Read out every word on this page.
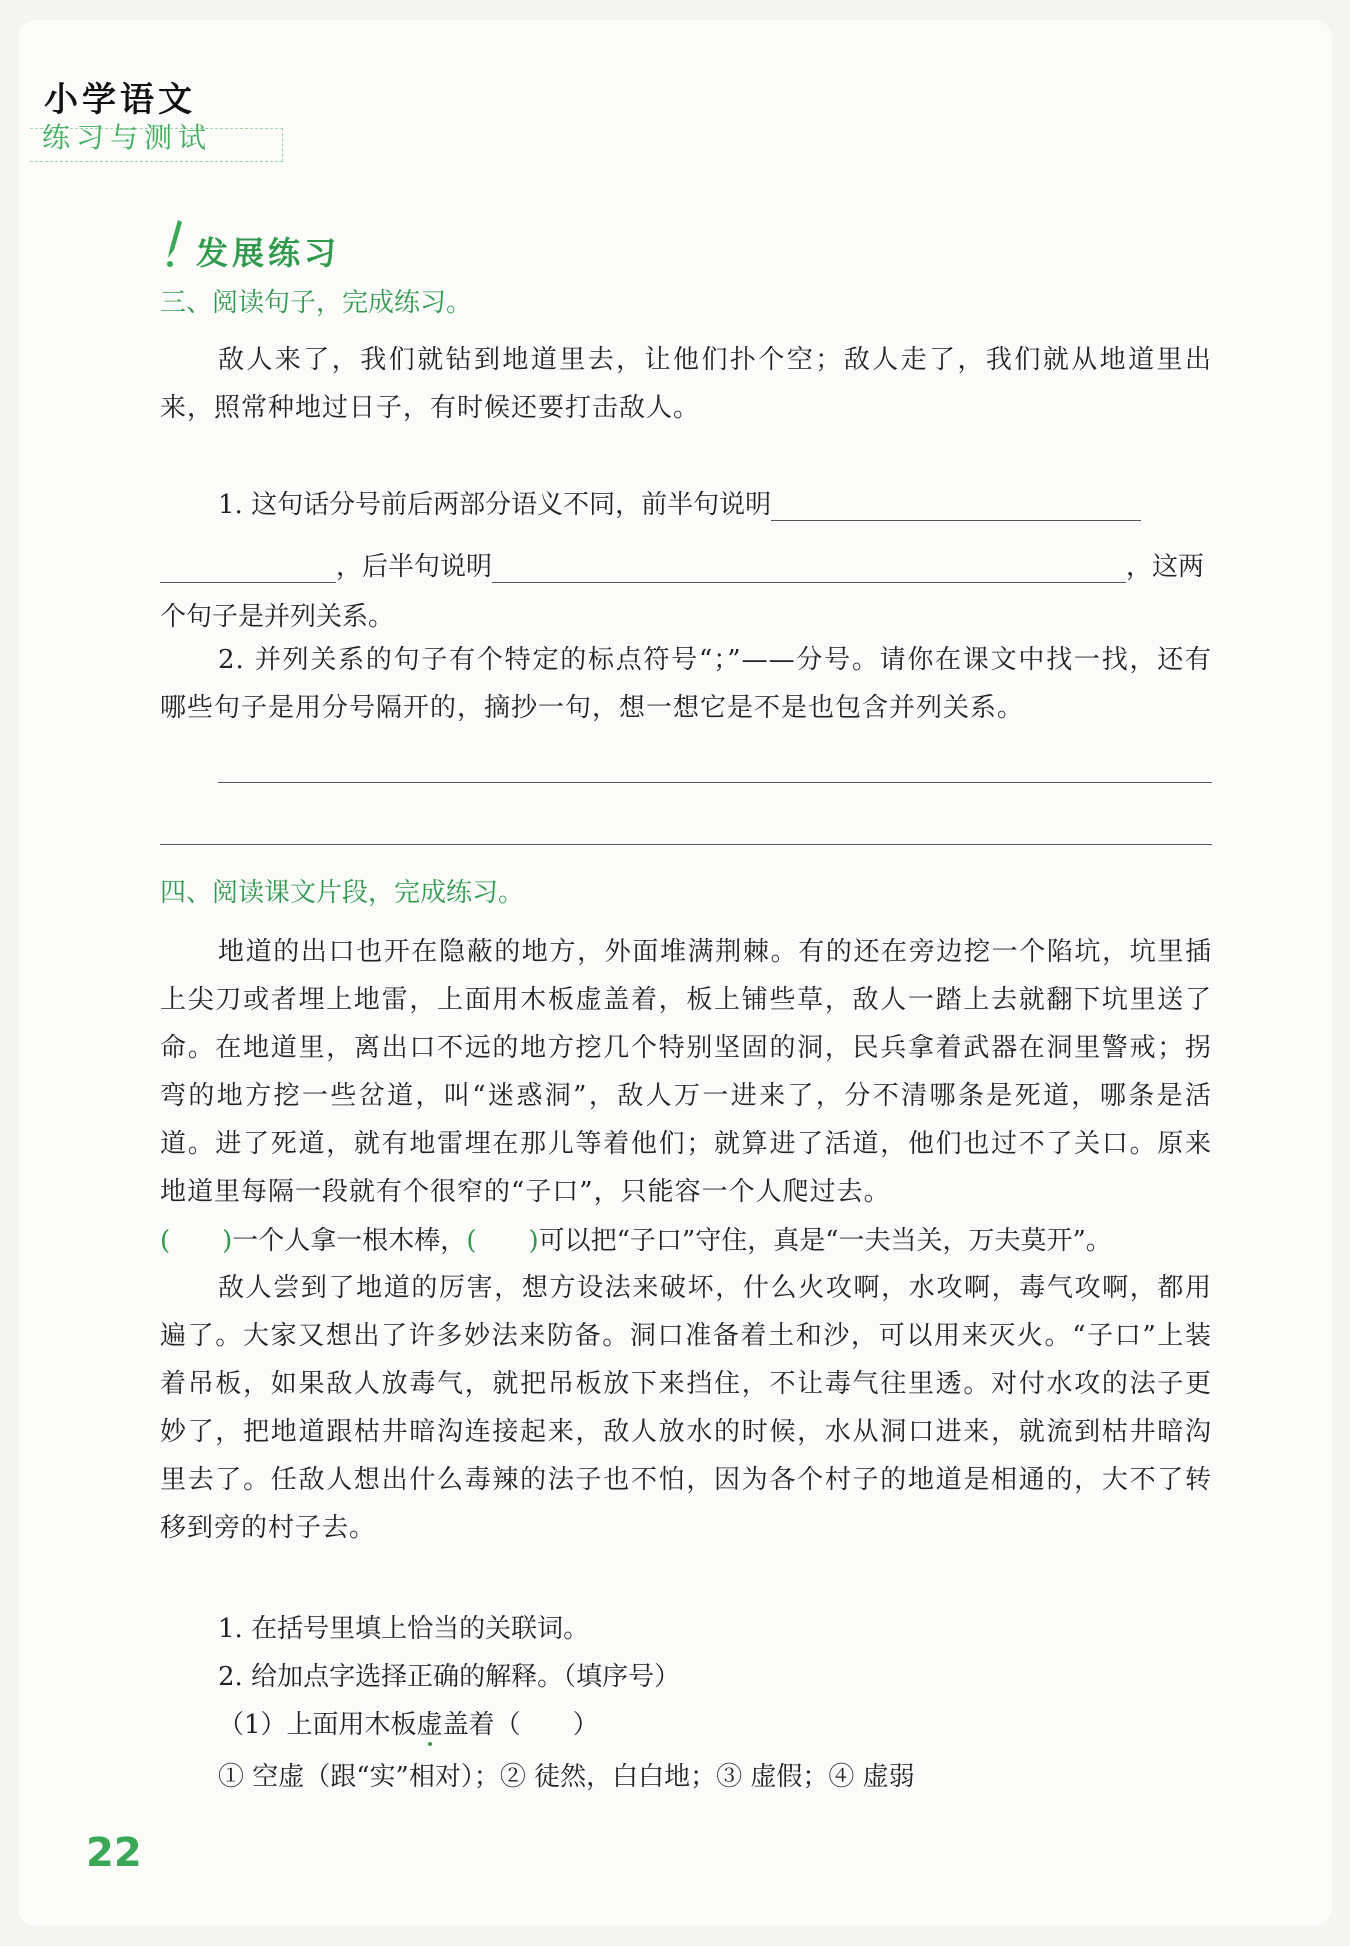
小学语文
练习与测试
发展练习
三、阅读句子，完成练习。
敌人来了，我们就钻到地道里去，让他们扑个空；敌人走了，我们就从地道里出来，照常种地过日子，有时候还要打击敌人。
1. 这句话分号前后两部分语义不同，前半句说明
，后半句说明	，这两
个句子是并列关系。
2. 并列关系的句子有个特定的标点符号“；”——分号。请你在课文中找一找，还有哪些句子是用分号隔开的，摘抄一句，想一想它是不是也包含并列关系。
四、阅读课文片段，完成练习。
地道的出口也开在隐蔽的地方，外面堆满荆棘。有的还在旁边挖一个陷坑，坑里插上尖刀或者埋上地雷，上面用木板虚盖着，板上铺些草，敌人一踏上去就翻下坑里送了命。在地道里，离出口不远的地方挖几个特别坚固的洞，民兵拿着武器在洞里警戒；拐弯的地方挖一些岔道，叫“迷惑洞”，敌人万一进来了，分不清哪条是死道，哪条是活道。进了死道，就有地雷埋在那儿等着他们；就算进了活道，他们也过不了关口。原来地道里每隔一段就有个很窄的“子口”，只能容一个人爬过去。
(　　)一个人拿一根木棒，(　　)可以把“子口”守住，真是“一夫当关，万夫莫开”。
敌人尝到了地道的厉害，想方设法来破坏，什么火攻啊，水攻啊，毒气攻啊，都用遍了。大家又想出了许多妙法来防备。洞口准备着土和沙，可以用来灭火。“子口”上装着吊板，如果敌人放毒气，就把吊板放下来挡住，不让毒气往里透。对付水攻的法子更妙了，把地道跟枯井暗沟连接起来，敌人放水的时候，水从洞口进来，就流到枯井暗沟里去了。任敌人想出什么毒辣的法子也不怕，因为各个村子的地道是相通的，大不了转移到旁的村子去。
1. 在括号里填上恰当的关联词。
2. 给加点字选择正确的解释。（填序号）
（1）上面用木板虚盖着（　　）
① 空虚（跟“实”相对）；② 徒然，白白地；③ 虚假；④ 虚弱
22
